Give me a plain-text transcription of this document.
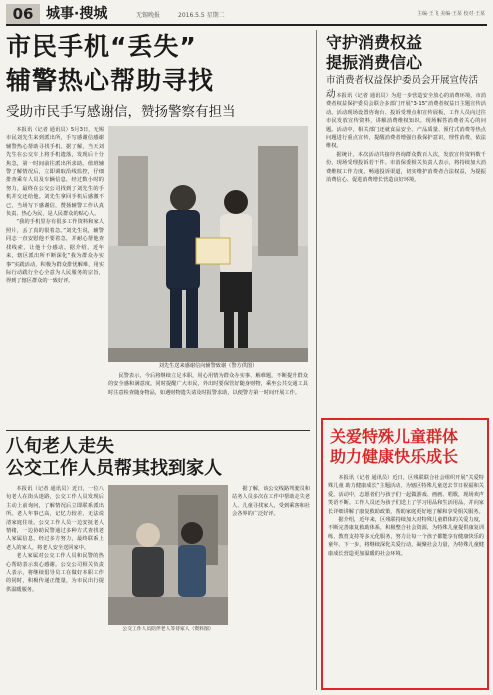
06 城事·搜城	无锡晚报	2016.5.5 星期二	主编·王飞 美编·王某 校对·王某
市民手机“丢失”
辅警热心帮助寻找
受助市民手写感谢信，赞扬警察有担当

本报讯（记者 通讯员）5月3日，无锡市民刘先生来到派出所，手写感谢信感谢辅警热心帮助寻找手机。据了解，当天刘先生在公交车上将手机遗落，发现后十分焦急，第一时间前往派出所求助。值班辅警了解情况后，立即调取沿线监控，仔细排查乘车人员及车辆信息，经过数小时的努力，最终在公交公司找到了刘先生的手机并交还给他。刘先生拿回手机后感激不已，当场写下感谢信，赞扬辅警工作认真负责、热心为民，是人民群众的贴心人。

“我的手机里存有很多工作资料和家人照片，丢了真的很着急。”刘先生说，辅警同志一直安慰他不要着急，并耐心帮他查找线索，让他十分感动。据介绍，近年来，辖区派出所不断深化“我为群众办实事”实践活动，积极为群众排忧解难，用实际行动践行全心全意为人民服务的宗旨，得到了辖区群众的一致好评。

刘先生送来感谢信向辅警致谢（警方供图）

民警表示，今后将继续立足本职，用心用情为群众办实事、解难题，不断提升群众的安全感和满意度。同时提醒广大市民，外出时要保管好随身财物，乘坐公共交通工具时注意检查随身物品，如遇财物遗失请及时报警求助，以便警方第一时间开展工作。

八旬老人走失
公交工作人员帮其找到家人

本报讯（记者 通讯员）近日，一位八旬老人在街头迷路，公交工作人员发现后主动上前询问，了解情况后立即联系派出所。老人年事已高，记忆力较差，无法说清家庭住址。公交工作人员一边安抚老人情绪，一边协助民警通过多种方式查找老人家属信息，经过多方努力，最终联系上老人的家人，将老人安全送回家中。

老人家属对公交工作人员和民警的热心帮助表示衷心感谢。公交公司相关负责人表示，将继续倡导员工在做好本职工作的同时，积极传递正能量，为市民出行提供温暖服务。

公交工作人员陪伴老人等待家人（资料图）

据了解，该公交线路驾驶员和站务人员多次在工作中帮助走失老人、儿童寻找家人，受到乘客和社会各界的广泛好评。

守护消费权益
提振消费信心
市消费者权益保护委员会开展宣传活动 本报讯（记者 通讯员）为进一步营造安全放心的消费环境，市消费者权益保护委员会联合多部门开展“3·15”消费者权益日主题宣传活动。活动现场设置咨询台、投诉受理点和宣传展板，工作人员向过往市民发放宣传资料，讲解消费维权知识，现场解答消费者关心的问题。活动中，相关部门还就食品安全、产品质量、预付式消费等热点问题进行重点宣传，提醒消费者增强自我保护意识，理性消费，依法维权。

据统计，本次活动共接待咨询群众数百人次，发放宣传资料数千份，现场受理投诉若干件。市消保委相关负责人表示，将持续加大消费维权工作力度，畅通投诉渠道，切实维护消费者合法权益，为提振消费信心、促进消费增长营造良好环境。

关爱特殊儿童群体
助力健康快乐成长

本报讯（记者 通讯员）近日，区残联联合社会组织开展“关爱特殊儿童 助力健康成长”主题活动，为辖区特殊儿童送去节日祝福和关爱。活动中，志愿者们与孩子们一起做游戏、画画、唱歌，现场欢声笑语不断。工作人员还为孩子们送上了学习用品和生活用品，并向家长详细讲解了康复救助政策，帮助家庭更好地了解和享受相关服务。

据介绍，近年来，区残联持续加大对特殊儿童群体的关爱力度，不断完善康复救助体系，积极整合社会资源，为特殊儿童提供康复训练、教育支持等多元化服务，努力让每一个孩子都能享有健康快乐的童年。下一步，将继续深化关爱行动，凝聚社会力量，为特殊儿童健康成长营造更加温暖的社会环境。
